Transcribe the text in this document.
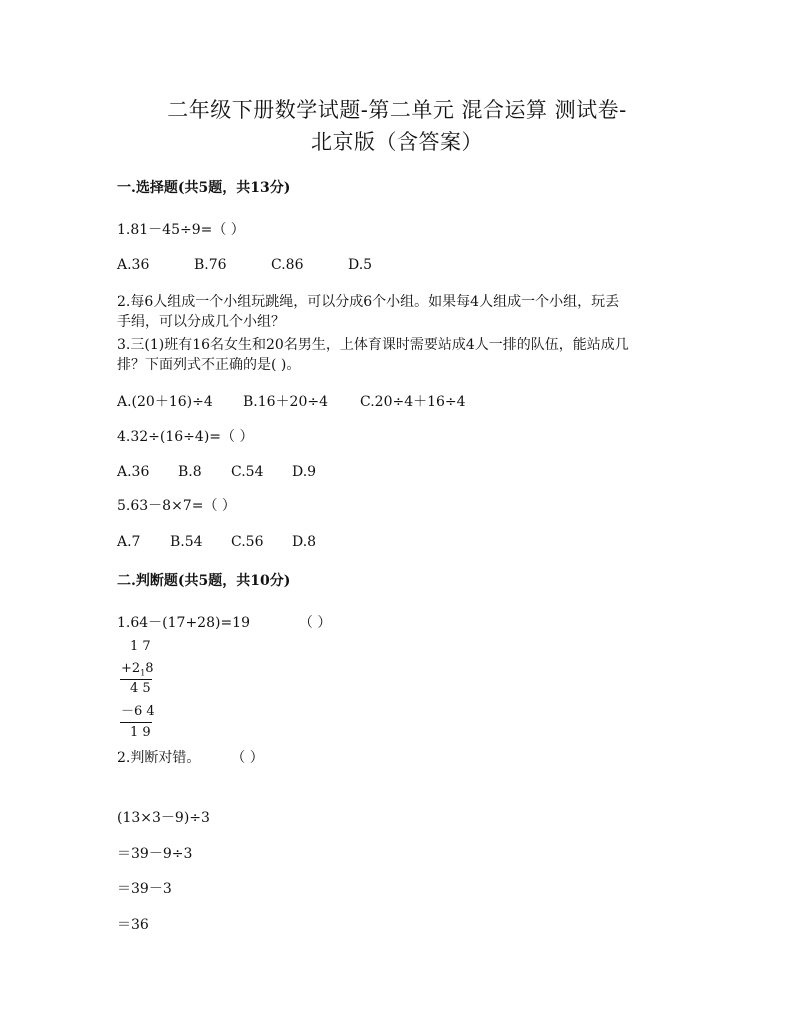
二年级下册数学试题-第二单元 混合运算 测试卷-
北京版（含答案）
一.选择题(共5题，共13分)
1.81－45÷9=（ ）
A.36	B.76	C.86	D.5
2.每6人组成一个小组玩跳绳，可以分成6个小组。如果每4人组成一个小组，玩丢
手绢，可以分成几个小组？
3.三(1)班有16名女生和20名男生，上体育课时需要站成4人一排的队伍，能站成几
排？下面列式不正确的是( )。
A.(20＋16)÷4 B.16＋20÷4 C.20÷4＋16÷4
4.32÷(16÷4)=（ ）
A.36 B.8 C.54 D.9
5.63－8×7=（ ）
A.7 B.54 C.56 D.8
二.判断题(共5题，共10分)
1.64－(17+28)=19	（ ）
1 7
$+2_18$
4 5
－6 4
1 9
2.判断对错。 （ ）
(13×3－9)÷3
＝39－9÷3
＝39－3
＝36
